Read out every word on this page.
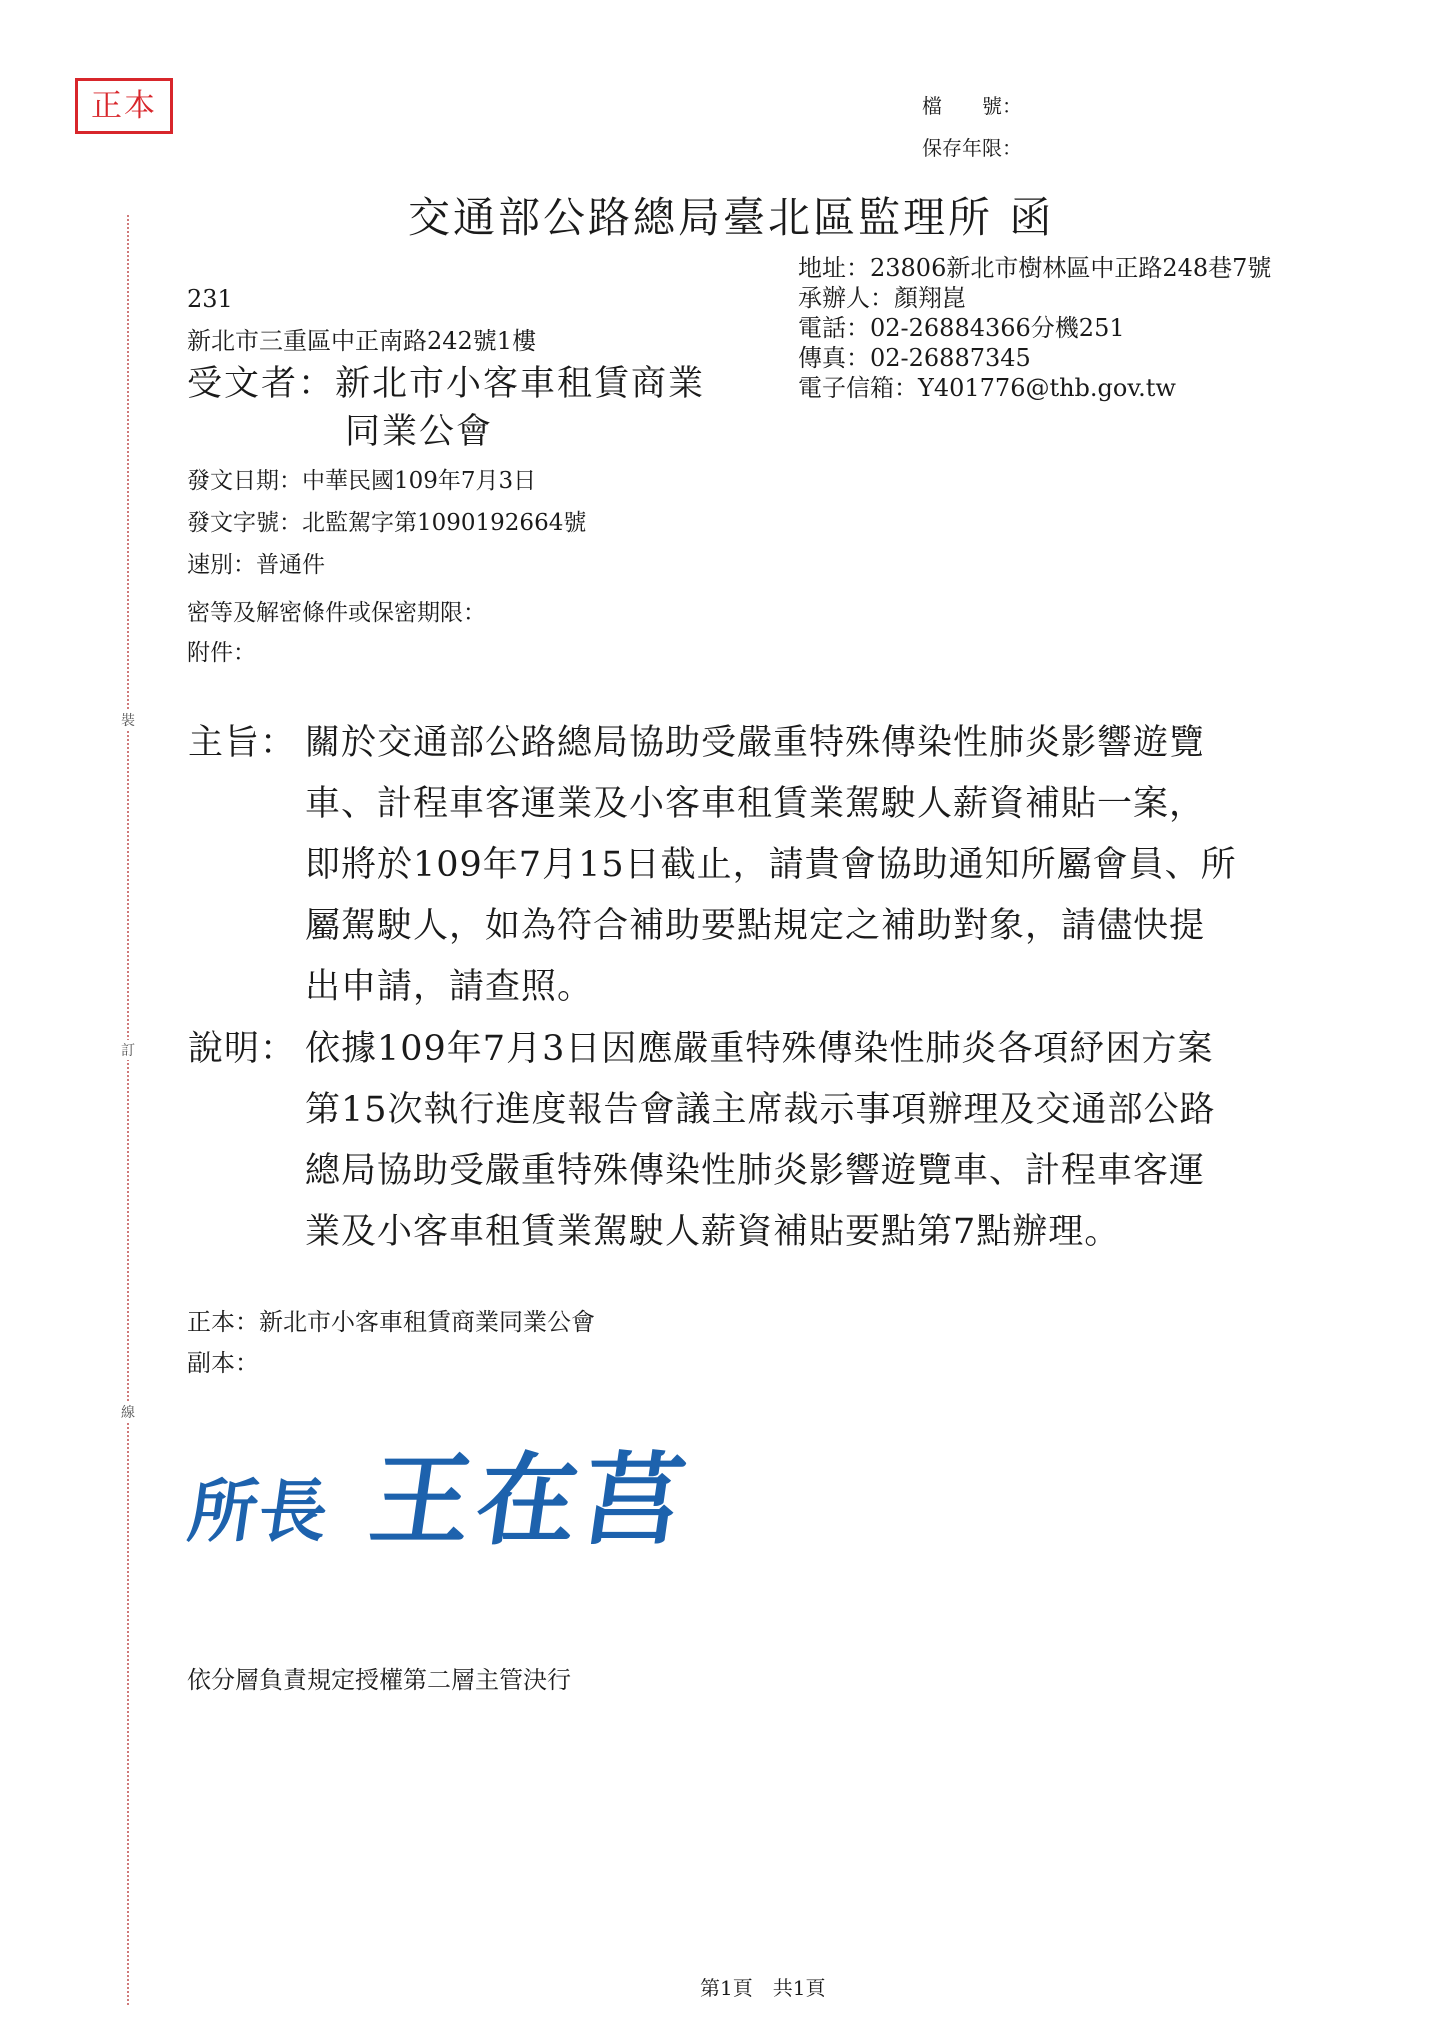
裝
訂
線
正本	檔　　號：
保存年限：
交通部公路總局臺北區監理所 函
地址：23806新北市樹林區中正路248巷7號
承辦人：顏翔崑
電話：02-26884366分機251
傳真：02-26887345
電子信箱：Y401776@thb.gov.tw
231
新北市三重區中正南路242號1樓
受文者：新北市小客車租賃商業
同業公會
發文日期：中華民國109年7月3日
發文字號：北監駕字第1090192664號
速別：普通件
密等及解密條件或保密期限：
附件：
主旨： 關於交通部公路總局協助受嚴重特殊傳染性肺炎影響遊覽
車、計程車客運業及小客車租賃業駕駛人薪資補貼一案，
即將於109年7月15日截止，請貴會協助通知所屬會員、所
屬駕駛人，如為符合補助要點規定之補助對象，請儘快提
出申請，請查照。
說明： 依據109年7月3日因應嚴重特殊傳染性肺炎各項紓困方案
第15次執行進度報告會議主席裁示事項辦理及交通部公路
總局協助受嚴重特殊傳染性肺炎影響遊覽車、計程車客運
業及小客車租賃業駕駛人薪資補貼要點第7點辦理。
正本：新北市小客車租賃商業同業公會
副本：
所長 王在莒
依分層負責規定授權第二層主管決行
第1頁　共1頁
